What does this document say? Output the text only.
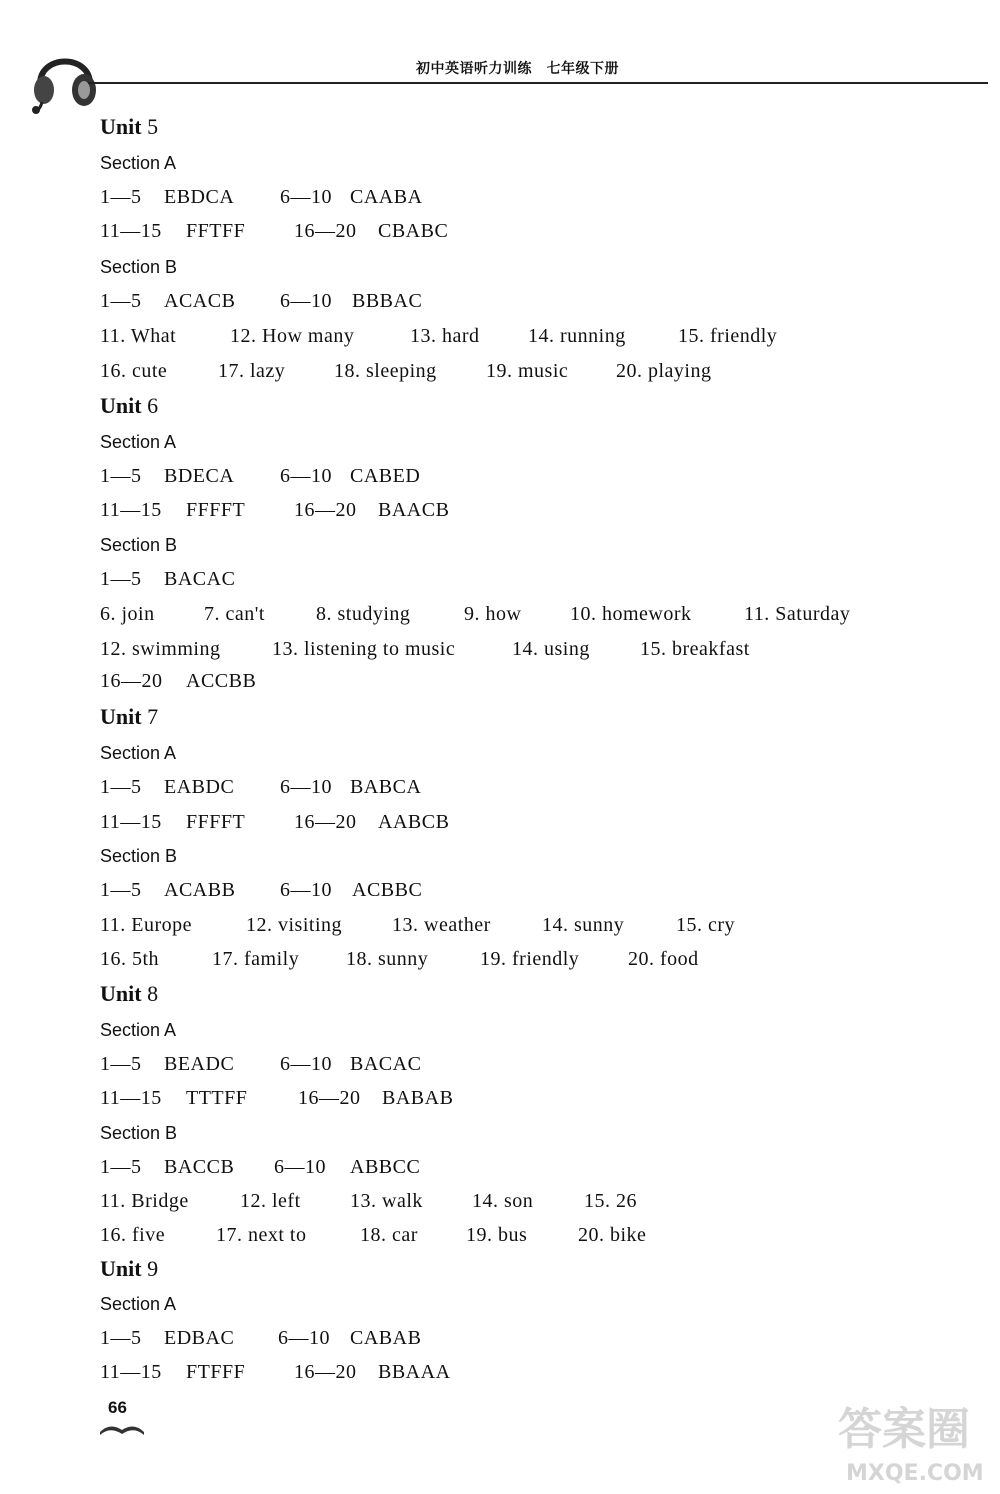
初中英语听力训练　七年级下册
Unit 5
Section A

1—5 EBDCA 6—10 CAABA

11—15 FFTFF 16—20 CBABC

Section B

1—5 ACACB 6—10 BBBAC

11. What	12. How many	13. hard 14. running	15. friendly

16. cute	17. lazy 18. sleeping 19. music 20. playing

Unit 6
Section A

1—5 BDECA 6—10 CABED

11—15 FFFFT 16—20 BAACB

Section B

1—5 BACAC

6. join 7. can't	8. studying	9. how 10. homework	11. Saturday

12. swimming	13. listening to music	14. using	15. breakfast

16—20 ACCBB

Unit 7
Section A

1—5 EABDC 6—10 BABCA

11—15 FFFFT 16—20 AABCB

Section B

1—5 ACABB 6—10 ACBBC

11. Europe	12. visiting 13. weather	14. sunny	15. cry

16. 5th	17. family 18. sunny	19. friendly 20. food

Unit 8
Section A

1—5 BEADC 6—10 BACAC

11—15 TTTFF	16—20 BABAB

Section B

1—5 BACCB 6—10 ABBCC

11. Bridge	12. left 13. walk 14. son	15. 26

16. five	17. next to	18. car 19. bus	20. bike

Unit 9
Section A

1—5 EDBAC 6—10 CABAB

11—15 FTFFF 16—20 BBAAA

66	答案圈
MXQE.COM
